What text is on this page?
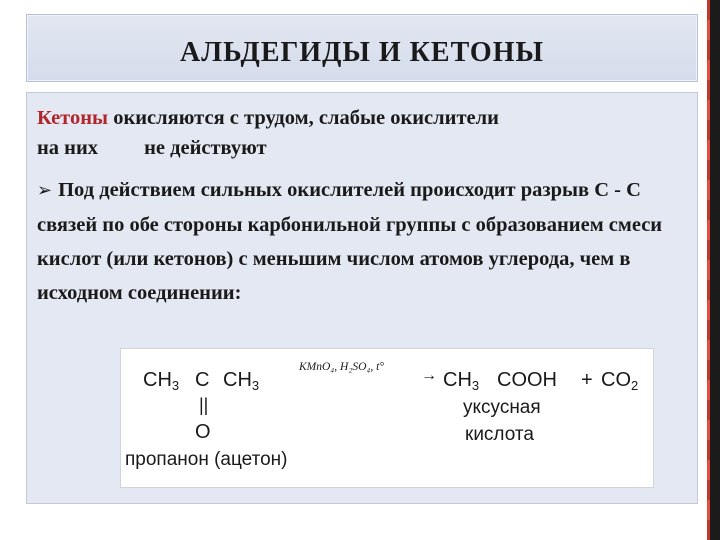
АЛЬДЕГИДЫ И КЕТОНЫ
Кетоны окисляются с трудом, слабые окислители
на них не действуют
➢ Под действием сильных окислителей происходит разрыв С - С связей по обе стороны карбонильной группы с образованием смеси кислот (или кетонов) с меньшим числом атомов углерода, чем в исходном соединении:
$CH_3$ C $CH_3$
||
O
пропанон (ацетон)
KMnO₄, H₂SO₄, $t^\circ \to CH_3$ COOH + $CO_2$
уксусная
кислота
